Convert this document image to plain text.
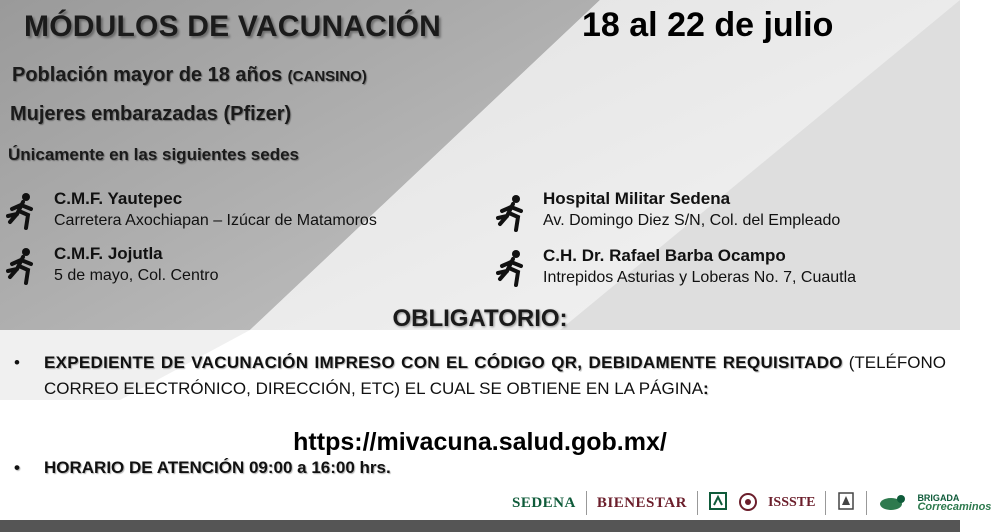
MÓDULOS DE VACUNACIÓN	18 al 22 de julio
Población mayor de 18 años (CANSINO)
Mujeres embarazadas (Pfizer)
Únicamente en las siguientes sedes
C.M.F. Yautepec
Carretera Axochiapan – Izúcar de Matamoros
C.M.F. Jojutla
5 de mayo, Col. Centro
Hospital Militar Sedena
Av. Domingo Diez S/N, Col. del Empleado
C.H. Dr. Rafael Barba Ocampo
Intrepidos Asturias y Loberas No. 7, Cuautla
OBLIGATORIO:
• EXPEDIENTE DE VACUNACIÓN IMPRESO CON EL CÓDIGO QR, DEBIDAMENTE REQUISITADO (TELÉFONO CORREO ELECTRÓNICO, DIRECCIÓN, ETC) EL CUAL SE OBTIENE EN LA PÁGINA:
https://mivacuna.salud.gob.mx/
• HORARIO DE ATENCIÓN 09:00 a 16:00 hrs.
SEDENA BIENESTAR	ISSSTE	BRIGADA
Correcaminos
